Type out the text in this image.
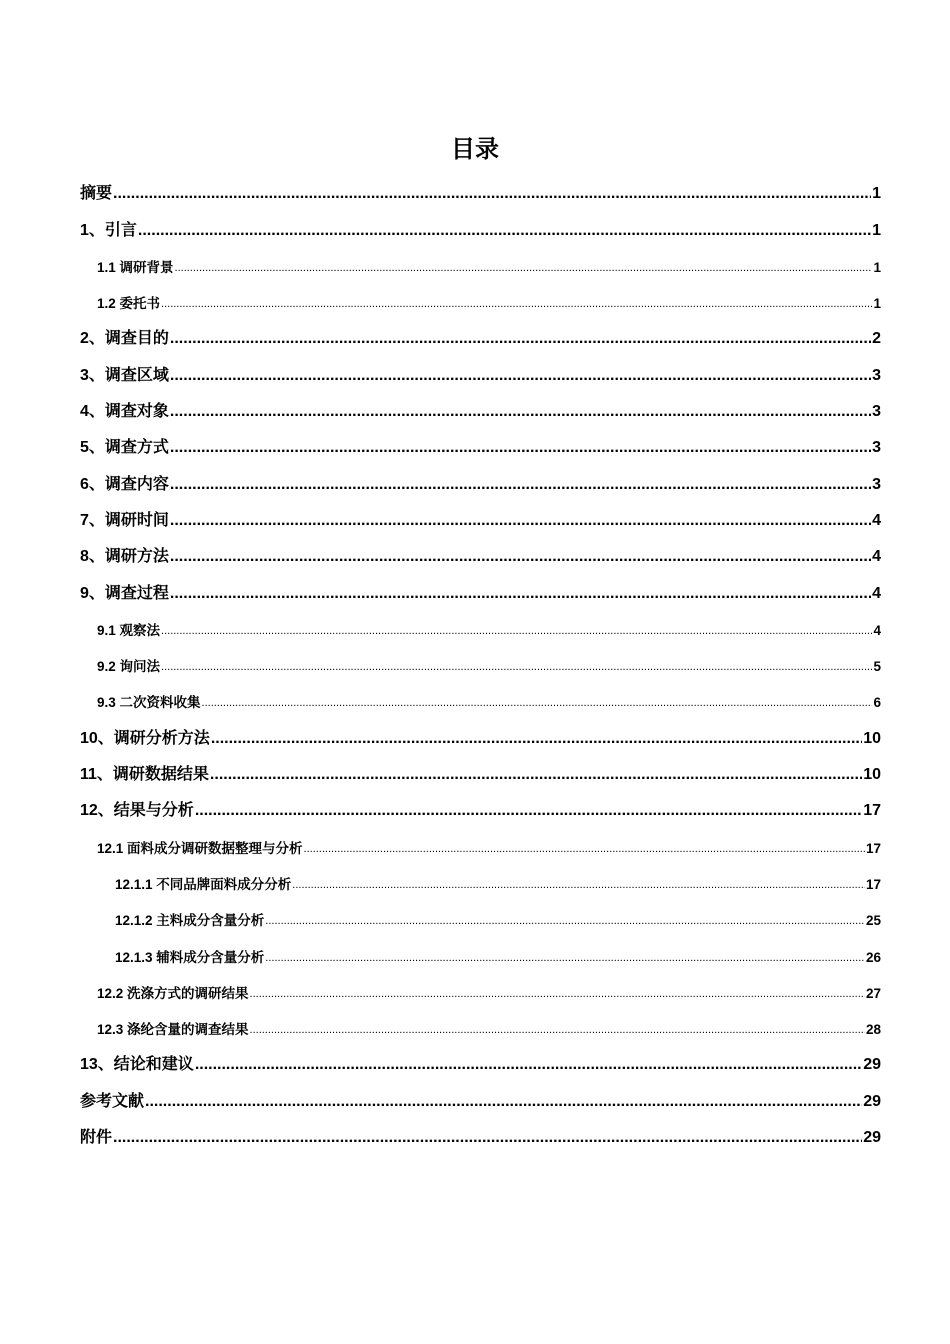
目录
摘要 .....	1
1、引言 .....	1
1.1 调研背景 .....	1
1.2 委托书 .....	1
2、调查目的 .....	2
3、调查区域 .....	3
4、调查对象 .....	3
5、调查方式 .....	3
6、调查内容 .....	3
7、调研时间 .....	4
8、调研方法 .....	4
9、调查过程 .....	4
9.1 观察法 .....	4
9.2 询问法 .....	5
9.3 二次资料收集 .....	6
10、调研分析方法 .....	10
11、调研数据结果 .....	10
12、结果与分析 .....	17
12.1 面料成分调研数据整理与分析 .....	17
12.1.1 不同品牌面料成分分析 .....	17
12.1.2 主料成分含量分析 .....	25
12.1.3 辅料成分含量分析 .....	26
12.2 洗涤方式的调研结果 .....	27
12.3 涤纶含量的调查结果 .....	28
13、结论和建议 .....	29
参考文献 .....	29
附件 .....	29
